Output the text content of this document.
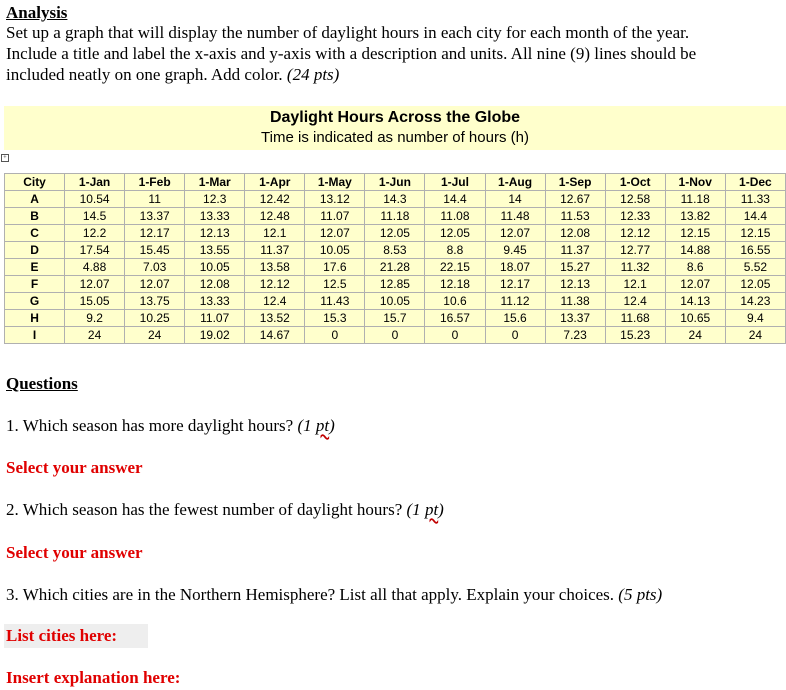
Analysis
Set up a graph that will display the number of daylight hours in each city for each month of the year.
Include a title and label the x-axis and y-axis with a description and units. All nine (9) lines should be
included neatly on one graph. Add color. (24 pts)
Daylight Hours Across the Globe
Time is indicated as number of hours (h)
+
City	1-Jan	1-Feb	1-Mar	1-Apr	1-May	1-Jun	1-Jul	1-Aug	1-Sep	1-Oct	1-Nov	1-Dec
A	10.54	11	12.3	12.42	13.12	14.3	14.4	14	12.67	12.58	11.18	11.33
B	14.5	13.37	13.33	12.48	11.07	11.18	11.08	11.48	11.53	12.33	13.82	14.4
C	12.2	12.17	12.13	12.1	12.07	12.05	12.05	12.07	12.08	12.12	12.15	12.15
D	17.54	15.45	13.55	11.37	10.05	8.53	8.8	9.45	11.37	12.77	14.88	16.55
E	4.88	7.03	10.05	13.58	17.6	21.28	22.15	18.07	15.27	11.32	8.6	5.52
F	12.07	12.07	12.08	12.12	12.5	12.85	12.18	12.17	12.13	12.1	12.07	12.05
G	15.05	13.75	13.33	12.4	11.43	10.05	10.6	11.12	11.38	12.4	14.13	14.23
H	9.2	10.25	11.07	13.52	15.3	15.7	16.57	15.6	13.37	11.68	10.65	9.4
I	24	24	19.02	14.67	0	0	0	0	7.23	15.23	24	24
Questions
1. Which season has more daylight hours? (1 pt)
Select your answer
2. Which season has the fewest number of daylight hours? (1 pt)
Select your answer
3. Which cities are in the Northern Hemisphere? List all that apply. Explain your choices. (5 pts)
List cities here:
Insert explanation here:
